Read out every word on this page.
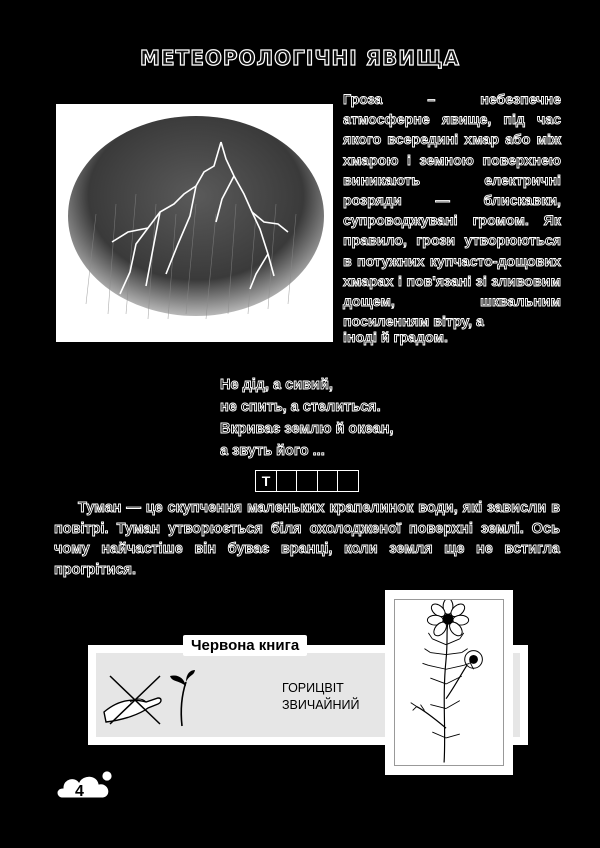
МЕТЕОРОЛОГІЧНІ ЯВИЩА
Гроза – небезпечне атмосферне явище, під час якого всередині хмар або між хмарою і земною поверхнею виникають електричні розряди — блискавки, супроводжувані громом. Як правило, грози утворюються в потужних купчасто-дощових хмарах і пов'язані зі зливовим дощем, шквальним посиленням вітру, а
іноді й градом.
Не дід, а сивий,
не спить, а стелиться.
Вкриває землю й океан,
а звуть його ...
Т
Туман — це скупчення маленьких крапелинок води, які зависли в повітрі. Туман утворюється біля охолодженої поверхні землі. Ось чому найчастіше він буває вранці, коли земля ще не встигла прогрітися.
Червона книга
ГОРИЦВІТ
ЗВИЧАЙНИЙ
4
